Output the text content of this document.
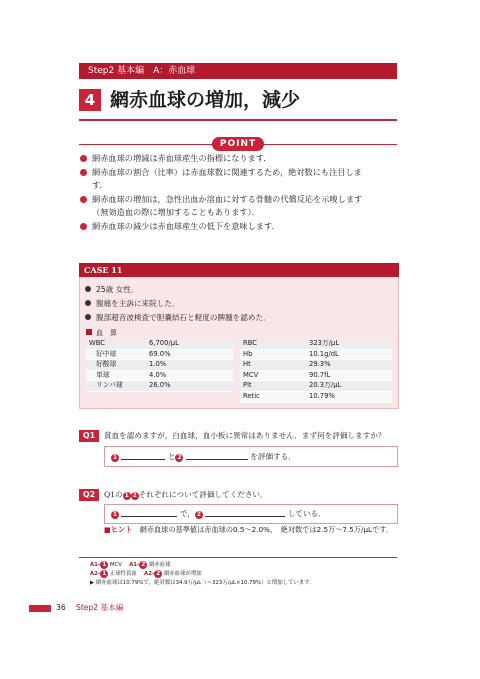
Step2 基本編　A：赤血球
4 網赤血球の増加，減少
POINT
網赤血球の増減は赤血球産生の指標になります．
網赤血球の割合（比率）は赤血球数に関連するため，絶対数にも注目しま
す．
網赤血球の増加は，急性出血か溶血に対する骨髄の代償反応を示唆します
（無効造血の際に増加することもあります）．
網赤血球の減少は赤血球産生の低下を意味します．
CASE 11
25歳 女性．
腹痛を主訴に来院した．
腹部超音波検査で胆嚢結石と軽度の脾腫を認めた．
血　算
WBC	6,700/μL
好中球	69.0%
好酸球	1.0%
単球	4.0%
リンパ球	26.0%
RBC	323万/μL
Hb	10.1g/dL
Ht	29.3%
MCV	90.7fL
Plt	20.3万/μL
Retic	10.79%
Q1	貧血を認めますが，白血球，血小板に異常はありません．まず何を評価しますか？
1	と 2	を評価する．
Q2	Q1の 1 2 それぞれについて評価してください．
1	で， 2	している．
■ヒント　 網赤血球の基準値は赤血球の0.5～2.0%，　絶対数では2.5万～7.5万/μLです．
A1- 1 MCV　 A1- 2 網赤血球
A2- 1 正球性貧血　 A2- 2 網赤血球が増加
▶ 網赤血球は10.79%で，絶対数は34.9万/μL（＝323万/μL×10.79%）と増加しています．
36 Step2 基本編
